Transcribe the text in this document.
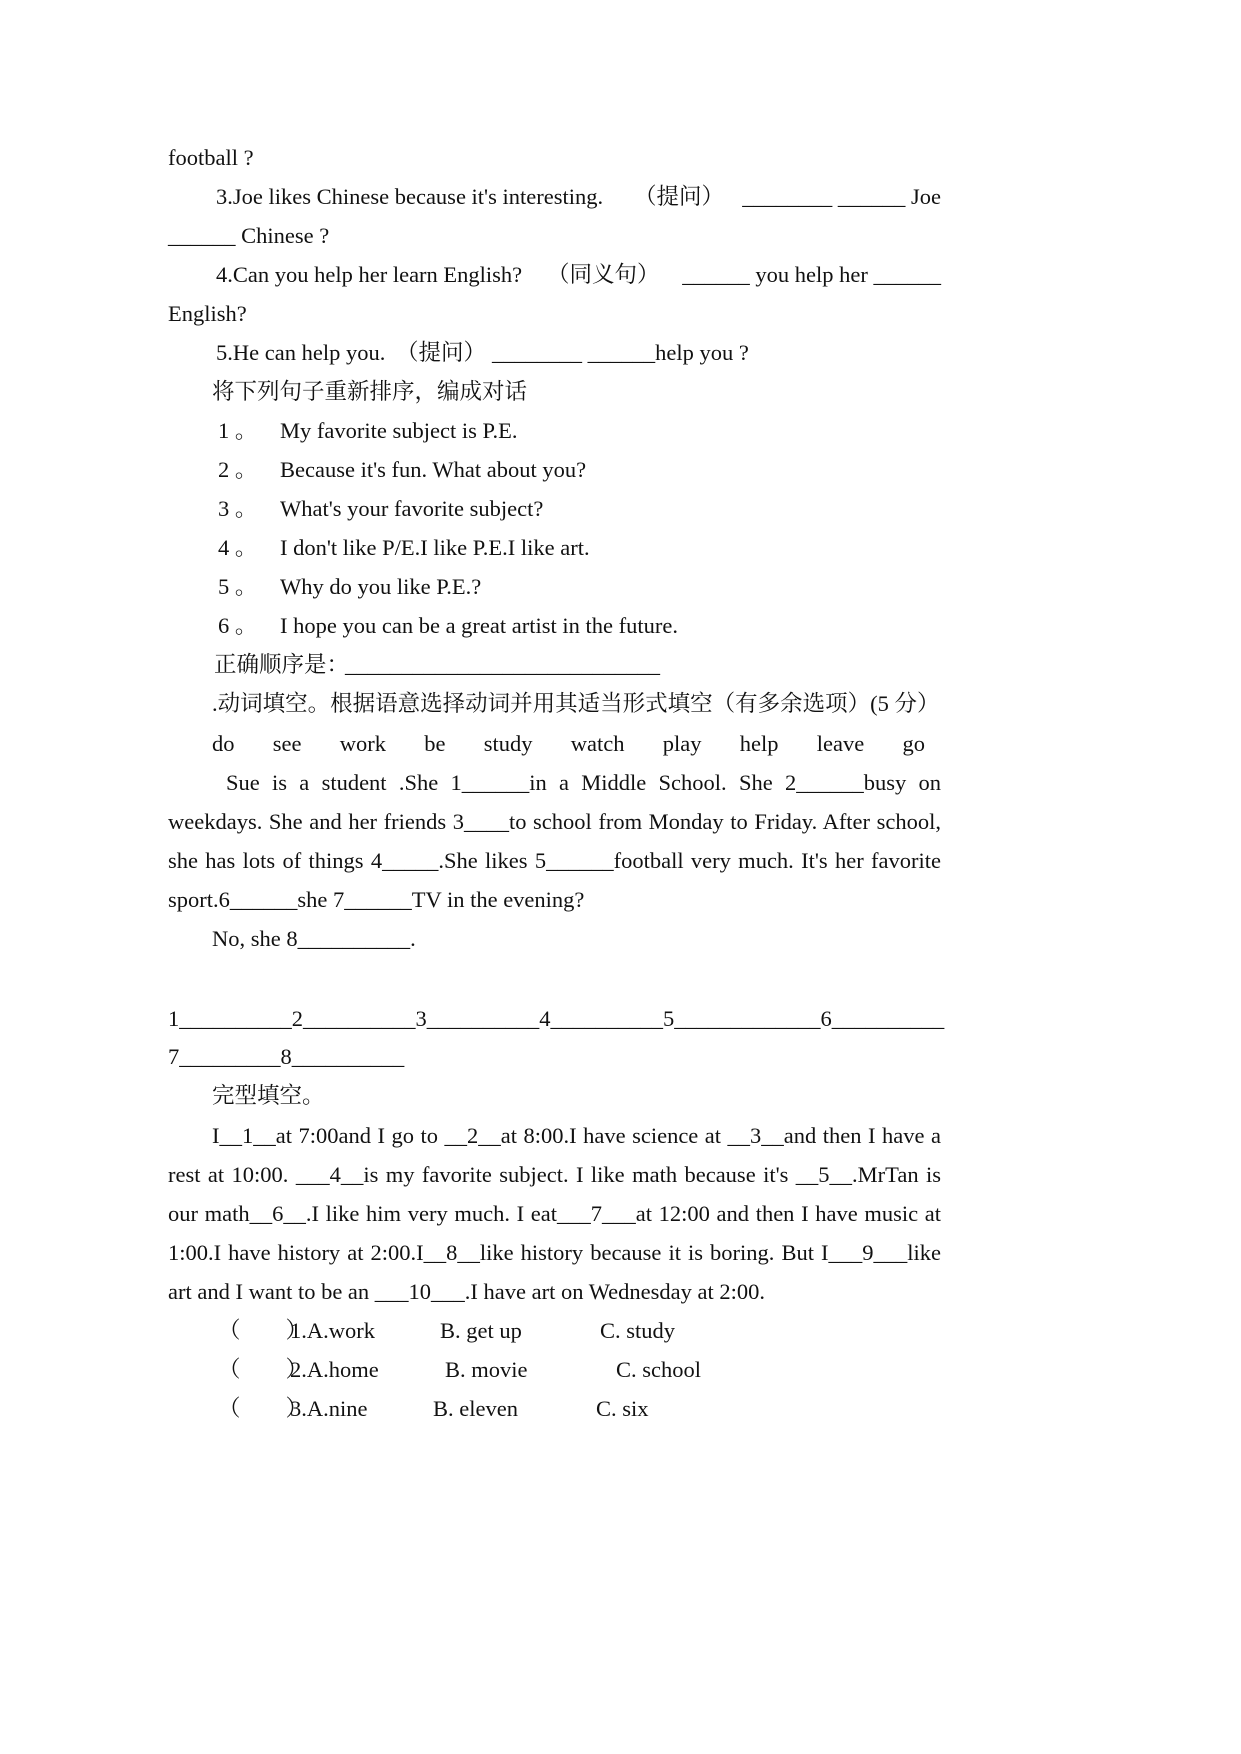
football ?
3.Joe likes Chinese because it's interesting. （提问） ________ ______ Joe
______ Chinese ?
4.Can you help her learn English? （同义句） ______ you help her ______
English?
5.He can help you. （提问） ________ ______help you ?
将下列句子重新排序，编成对话
1 。 My favorite subject is P.E.
2 。 Because it's fun. What about you?
3 。 What's your favorite subject?
4 。 I don't like P/E.I like P.E.I like art.
5 。 Why do you like P.E.?
6 。 I hope you can be a great artist in the future.
正确顺序是：
____________________________
.动词填空。根据语意选择动词并用其适当形式填空（有多余选项）(5 分）
do see work be study watch play help leave go
Sue is a student .She 1______in a Middle School. She 2______busy on
weekdays. She and her friends 3____to school from Monday to Friday. After school,
she has lots of things 4_____.She likes 5______football very much. It's her favorite
sport.6______she 7______TV in the evening?
No, she 8__________.
1__________2__________3__________4__________5_____________6__________
7_________8__________
完型填空。
I__1__at 7:00and I go to __2__at 8:00.I have science at __3__and then I have a
rest at 10:00. ___4__is my favorite subject. I like math because it's __5__.MrTan is
our math__6__.I like him very much. I eat___7___at 12:00 and then I have music at
1:00.I have history at 2:00.I__8__like history because it is boring. But I___9___like
art and I want to be an ___10___.I have art on Wednesday at 2:00.
（　　）
1.A.work	B. get up	C. study
（　　）
2.A.home	B. movie	C. school
（　　）
3.A.nine	B. eleven	C. six
